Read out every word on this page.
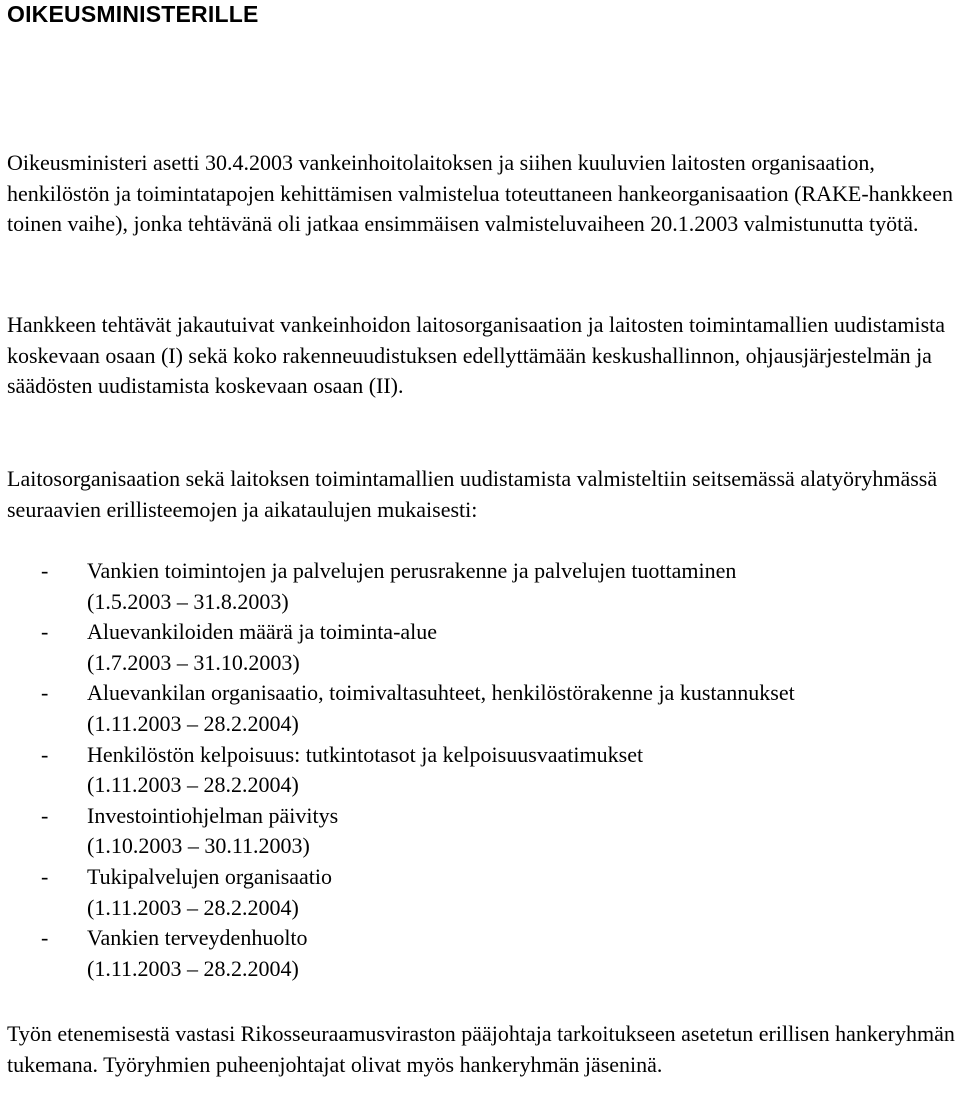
OIKEUSMINISTERILLE

Oikeusministeri asetti 30.4.2003 vankeinhoitolaitoksen ja siihen kuuluvien laitosten organisaation, henkilöstön ja toimintatapojen kehittämisen valmistelua toteuttaneen hankeorganisaation (RAKE-hankkeen toinen vaihe), jonka tehtävänä oli jatkaa ensimmäisen valmisteluvaiheen 20.1.2003 valmistunutta työtä.

Hankkeen tehtävät jakautuivat vankeinhoidon laitosorganisaation ja laitosten toimintamallien uudistamista koskevaan osaan (I) sekä koko rakenneuudistuksen edellyttämään keskushallinnon, ohjausjärjestelmän ja säädösten uudistamista koskevaan osaan (II).

Laitosorganisaation sekä laitoksen toimintamallien uudistamista valmisteltiin seitsemässä alatyöryhmässä seuraavien erillisteemojen ja aikataulujen mukaisesti:

- Vankien toimintojen ja palvelujen perusrakenne ja palvelujen tuottaminen
(1.5.2003 – 31.8.2003)
- Aluevankiloiden määrä ja toiminta-alue
(1.7.2003 – 31.10.2003)
- Aluevankilan organisaatio, toimivaltasuhteet, henkilöstörakenne ja kustannukset
(1.11.2003 – 28.2.2004)
- Henkilöstön kelpoisuus: tutkintotasot ja kelpoisuusvaatimukset
(1.11.2003 – 28.2.2004)
- Investointiohjelman päivitys
(1.10.2003 – 30.11.2003)
- Tukipalvelujen organisaatio
(1.11.2003 – 28.2.2004)
- Vankien terveydenhuolto
(1.11.2003 – 28.2.2004)

Työn etenemisestä vastasi Rikosseuraamusviraston pääjohtaja tarkoitukseen asetetun erillisen hankeryhmän tukemana. Työryhmien puheenjohtajat olivat myös hankeryhmän jäseninä.
